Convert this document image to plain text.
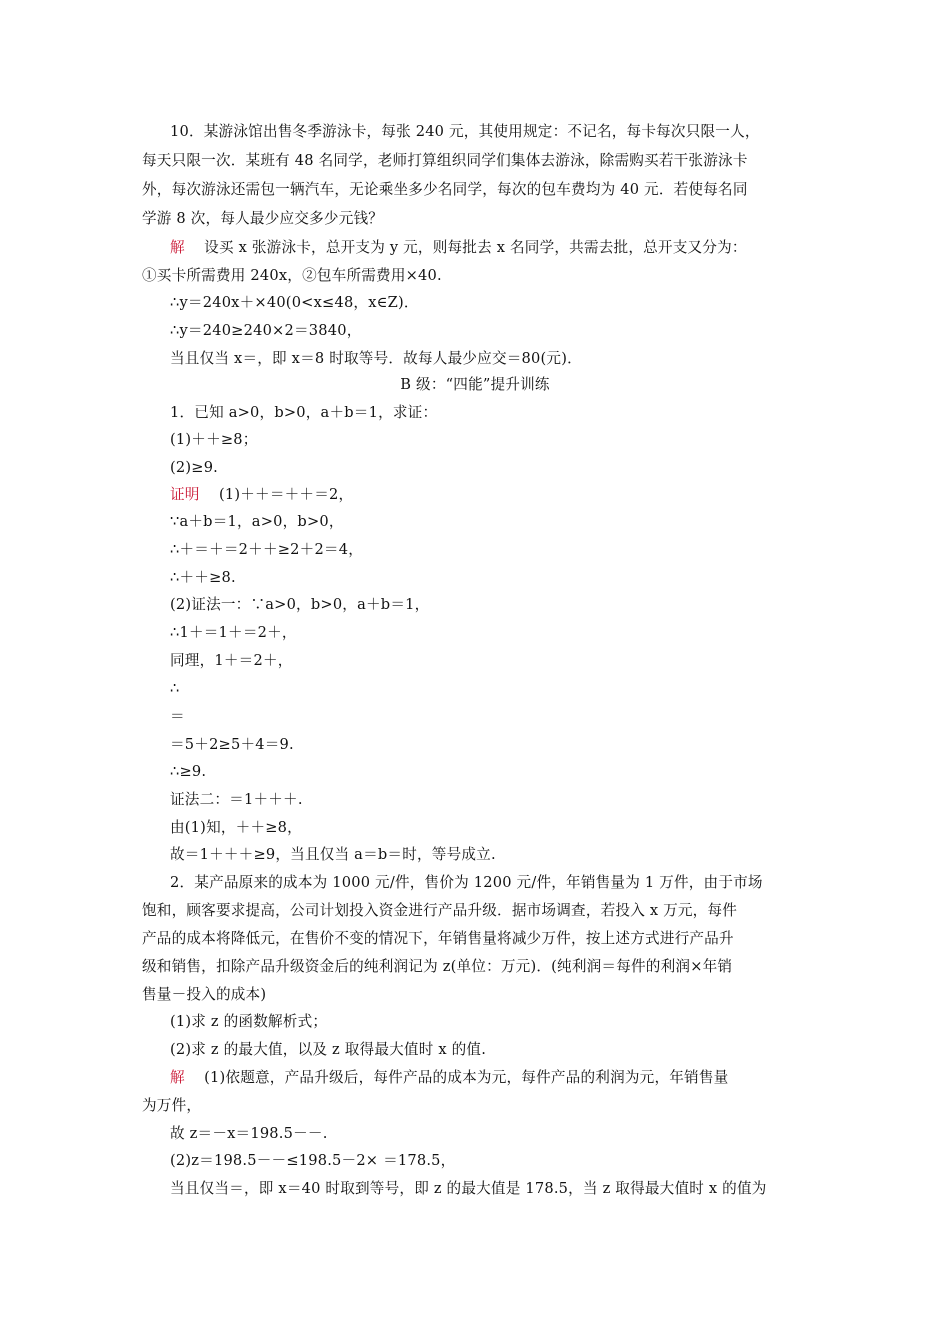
10．某游泳馆出售冬季游泳卡，每张 240 元，其使用规定：不记名，每卡每次只限一人，
每天只限一次．某班有 48 名同学，老师打算组织同学们集体去游泳，除需购买若干张游泳卡
外，每次游泳还需包一辆汽车，无论乘坐多少名同学，每次的包车费均为 40 元．若使每名同
学游 8 次，每人最少应交多少元钱？
解 设买 x 张游泳卡，总开支为 y 元，则每批去 x 名同学，共需去批，总开支又分为：
①买卡所需费用 240x，②包车所需费用×40.
∴y＝240x＋×40(0<x≤48，x∈Z)．
∴y＝240≥240×2＝3840，
当且仅当 x＝，即 x＝8 时取等号．故每人最少应交＝80(元)．
B 级：“四能”提升训练
1．已知 a>0，b>0，a＋b＝1，求证：
(1)＋＋≥8；
(2)≥9.
证明 (1)＋＋＝＋＋＝2，
∵a＋b＝1，a>0，b>0，
∴＋＝＋＝2＋＋≥2＋2＝4，
∴＋＋≥8.
(2)证法一：∵a>0，b>0，a＋b＝1，
∴1＋＝1＋＝2＋，
同理，1＋＝2＋，
∴
＝
＝5＋2≥5＋4＝9.
∴≥9.
证法二：＝1＋＋＋.
由(1)知，＋＋≥8，
故＝1＋＋＋≥9，当且仅当 a＝b＝时，等号成立.
2．某产品原来的成本为 1000 元/件，售价为 1200 元/件，年销售量为 1 万件，由于市场
饱和，顾客要求提高，公司计划投入资金进行产品升级．据市场调查，若投入 x 万元，每件
产品的成本将降低元，在售价不变的情况下，年销售量将减少万件，按上述方式进行产品升
级和销售，扣除产品升级资金后的纯利润记为 z(单位：万元)．(纯利润＝每件的利润×年销
售量－投入的成本)
(1)求 z 的函数解析式；
(2)求 z 的最大值，以及 z 取得最大值时 x 的值.
解 (1)依题意，产品升级后，每件产品的成本为元，每件产品的利润为元，年销售量
为万件，
故 z＝－x＝198.5－－.
(2)z＝198.5－－≤198.5－2× ＝178.5，
当且仅当＝，即 x＝40 时取到等号，即 z 的最大值是 178.5，当 z 取得最大值时 x 的值为
